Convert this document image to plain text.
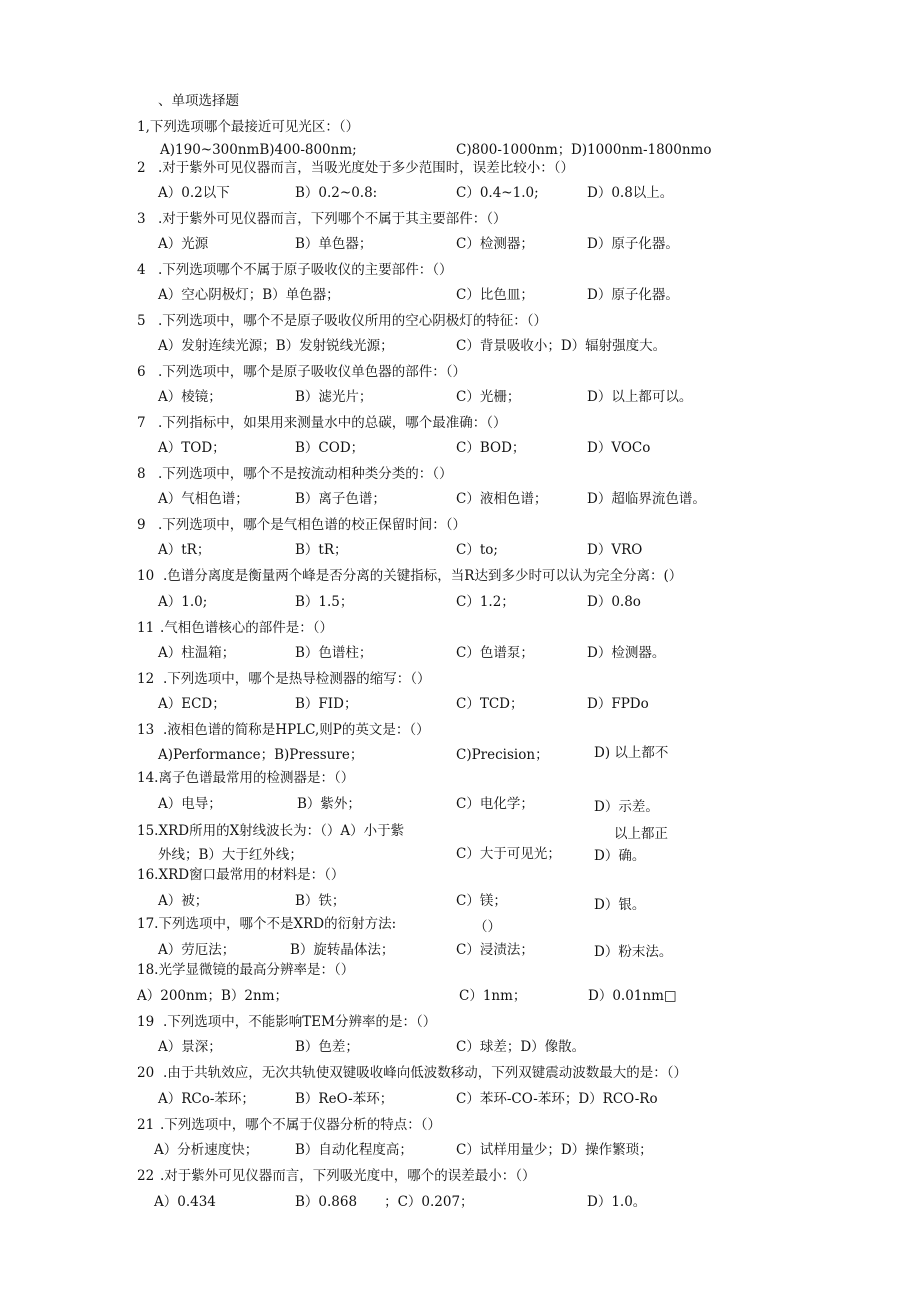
、单项选择题
1,下列选项哪个最接近可见光区：（）
A)190~300nmB)400-800nm;	C)800-1000nm； D)1000nm-1800nmo
2 .对于紫外可见仪器而言，当吸光度处于多少范围时，误差比较小：（）
A）0.2以下	B）0.2~0.8:	C）0.4~1.0;	D）0.8以上。
3 .对于紫外可见仪器而言，下列哪个不属于其主要部件：（）
A）光源	B）单色器；	C）检测器；	D）原子化器。
4 .下列选项哪个不属于原子吸收仪的主要部件：（）
A）空心阴极灯；B）单色器；	C）比色皿；	D）原子化器。
5 .下列选项中，哪个不是原子吸收仪所用的空心阴极灯的特征：（）
A）发射连续光源；B）发射锐线光源；	C）背景吸收小；D）辐射强度大。
6 .下列选项中，哪个是原子吸收仪单色器的部件：（）
A）棱镜；	B）滤光片；	C）光栅；	D）以上都可以。
7 .下列指标中，如果用来测量水中的总碳，哪个最准确：（）
A）TOD；	B）COD；	C）BOD；	D）VOCo
8 .下列选项中，哪个不是按流动相种类分类的：（）
A）气相色谱；	B）离子色谱；	C）液相色谱；	D）超临界流色谱。
9 .下列选项中，哪个是气相色谱的校正保留时间：（）
A）tR；	B）tR；	C）to;	D）VRO
10 .色谱分离度是衡量两个峰是否分离的关键指标，当R达到多少时可以认为完全分离：(）
A）1.0;	B）1.5；	C）1.2；	D）0.8o
11 .气相色谱核心的部件是：（）
A）柱温箱；	B）色谱柱；	C）色谱泵；	D）检测器。
12 .下列选项中，哪个是热导检测器的缩写：（）
A）ECD；	B）FID；	C）TCD；	D）FPDo
13 .液相色谱的简称是HPLC,则P的英文是：（）
A)Performance；B)Pressure；	C)Precision；	D) 以上都不
14.离子色谱最常用的检测器是：（）
A）电导；	B）紫外；	C）电化学；	D）示差。
15.XRD所用的X射线波长为：（）A）小于紫	以上都正
外线；B）大于红外线；	C）大于可见光； D）确。
16.XRD窗口最常用的材料是：（）
A）被；	B）铁；	C）镁；	D）银。
17.下列选项中，哪个不是XRD的衍射方法:	（）
A）劳厄法；	B）旋转晶体法；	C）浸渍法；	D）粉末法。
18.光学显微镜的最高分辨率是：（）
A）200nm；B）2nm；	C）1nm；	D）0.01nm□
19 .下列选项中，不能影响TEM分辨率的是：（）
A）景深；	B）色差；	C）球差；D）像散。
20 .由于共轨效应，无次共轨使双键吸收峰向低波数移动，下列双键震动波数最大的是：（）
A）RCo-苯环；	B）ReO-苯环；	C）苯环-CO-苯环；D）RCO-Ro
21 .下列选项中，哪个不属于仪器分析的特点：（）
A）分析速度快；	B）自动化程度高；	C）试样用量少；D）操作繁琐；
22 .对于紫外可见仪器而言，下列吸光度中，哪个的误差最小：（）
A）0.434	B）0.868　　；C）0.207；	D）1.0。
